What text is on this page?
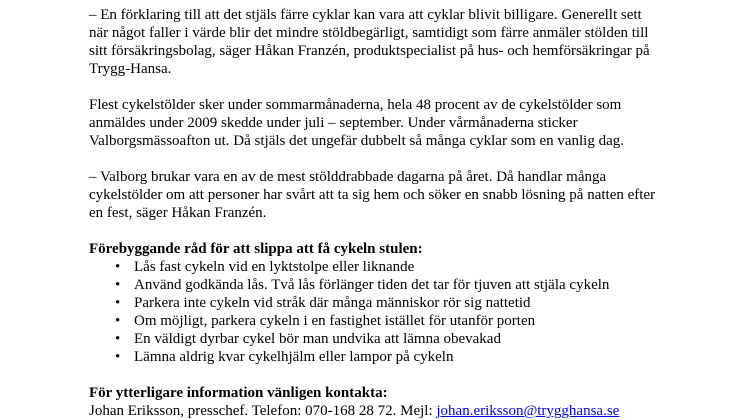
– En förklaring till att det stjäls färre cyklar kan vara att cyklar blivit billigare. Generellt sett
när något faller i värde blir det mindre stöldbegärligt, samtidigt som färre anmäler stölden till
sitt försäkringsbolag, säger Håkan Franzén, produktspecialist på hus- och hemförsäkringar på
Trygg-Hansa.
Flest cykelstölder sker under sommarmånaderna, hela 48 procent av de cykelstölder som
anmäldes under 2009 skedde under juli – september. Under vårmånaderna sticker
Valborgsmässoafton ut. Då stjäls det ungefär dubbelt så många cyklar som en vanlig dag.
– Valborg brukar vara en av de mest stölddrabbade dagarna på året. Då handlar många
cykelstölder om att personer har svårt att ta sig hem och söker en snabb lösning på natten efter
en fest, säger Håkan Franzén.
Förebyggande råd för att slippa att få cykeln stulen:
• Lås fast cykeln vid en lyktstolpe eller liknande
• Använd godkända lås. Två lås förlänger tiden det tar för tjuven att stjäla cykeln
• Parkera inte cykeln vid stråk där många människor rör sig nattetid
• Om möjligt, parkera cykeln i en fastighet istället för utanför porten
• En väldigt dyrbar cykel bör man undvika att lämna obevakad
• Lämna aldrig kvar cykelhjälm eller lampor på cykeln
För ytterligare information vänligen kontakta:
Johan Eriksson, presschef. Telefon: 070-168 28 72. Mejl: johan.eriksson@trygghansa.se
